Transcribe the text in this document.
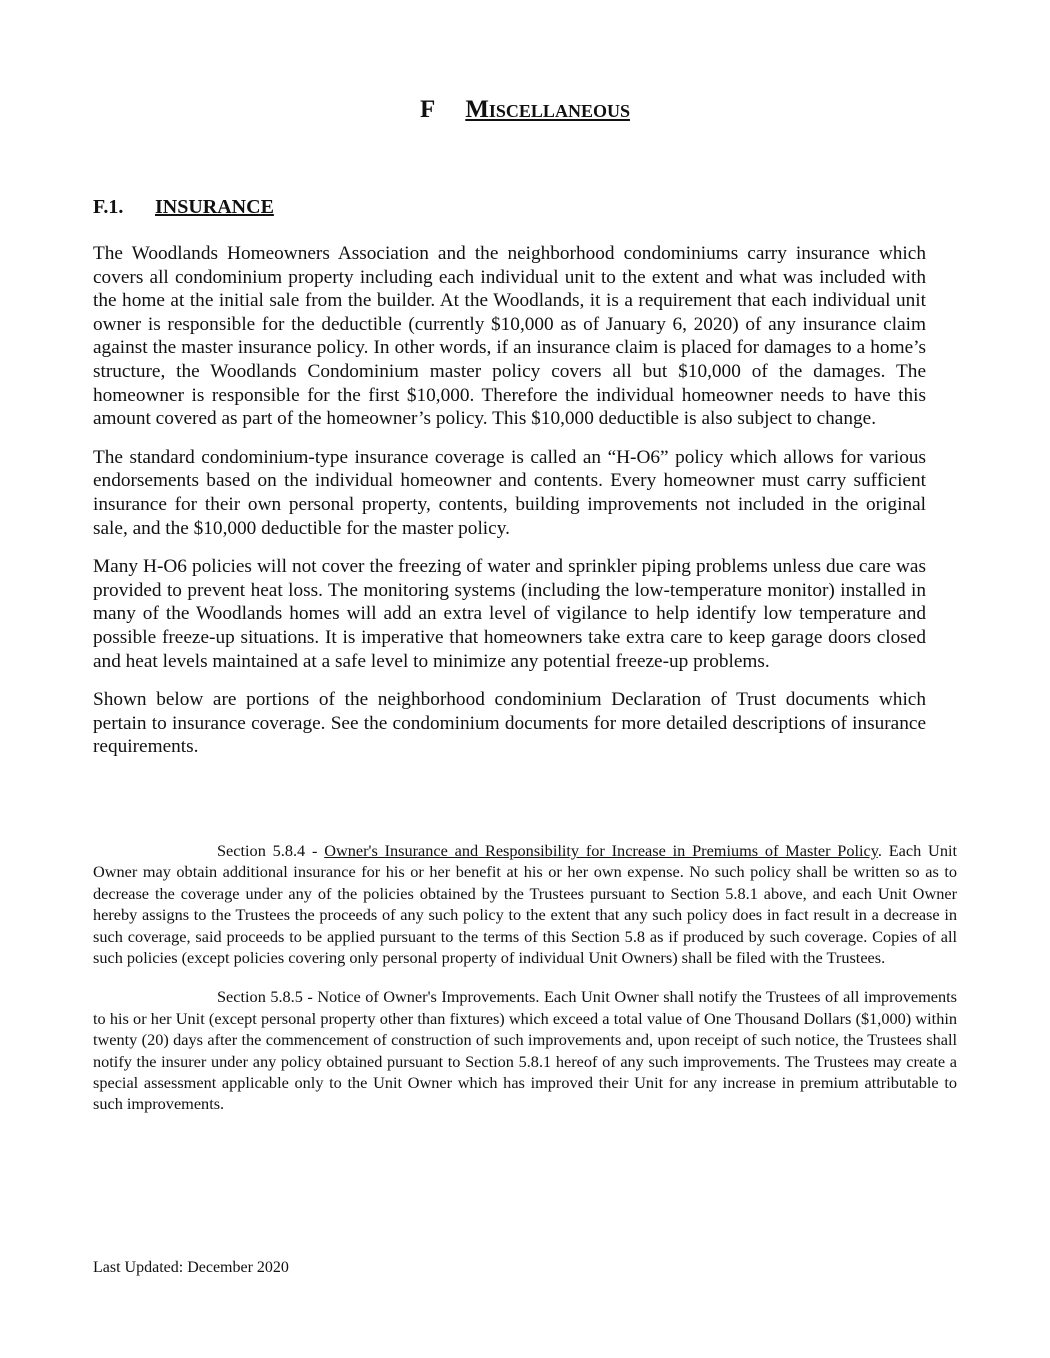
F Miscellaneous
F.1. INSURANCE

The Woodlands Homeowners Association and the neighborhood condominiums carry insurance which covers all condominium property including each individual unit to the extent and what was included with the home at the initial sale from the builder. At the Woodlands, it is a requirement that each individual unit owner is responsible for the deductible (currently $10,000 as of January 6, 2020) of any insurance claim against the master insurance policy. In other words, if an insurance claim is placed for damages to a home’s structure, the Woodlands Condominium master policy covers all but $10,000 of the damages. The homeowner is responsible for the first $10,000. Therefore the individual homeowner needs to have this amount covered as part of the homeowner’s policy. This $10,000 deductible is also subject to change.

The standard condominium-type insurance coverage is called an “H-O6” policy which allows for various endorsements based on the individual homeowner and contents. Every homeowner must carry sufficient insurance for their own personal property, contents, building improvements not included in the original sale, and the $10,000 deductible for the master policy.

Many H-O6 policies will not cover the freezing of water and sprinkler piping problems unless due care was provided to prevent heat loss. The monitoring systems (including the low-temperature monitor) installed in many of the Woodlands homes will add an extra level of vigilance to help identify low temperature and possible freeze-up situations. It is imperative that homeowners take extra care to keep garage doors closed and heat levels maintained at a safe level to minimize any potential freeze-up problems.

Shown below are portions of the neighborhood condominium Declaration of Trust documents which pertain to insurance coverage. See the condominium documents for more detailed descriptions of insurance requirements.

Section 5.8.4 - Owner's Insurance and Responsibility for Increase in Premiums of Master Policy. Each Unit Owner may obtain additional insurance for his or her benefit at his or her own expense. No such policy shall be written so as to decrease the coverage under any of the policies obtained by the Trustees pursuant to Section 5.8.1 above, and each Unit Owner hereby assigns to the Trustees the proceeds of any such policy to the extent that any such policy does in fact result in a decrease in such coverage, said proceeds to be applied pursuant to the terms of this Section 5.8 as if produced by such coverage. Copies of all such policies (except policies covering only personal property of individual Unit Owners) shall be filed with the Trustees.

Section 5.8.5 - Notice of Owner's Improvements. Each Unit Owner shall notify the Trustees of all improvements to his or her Unit (except personal property other than fixtures) which exceed a total value of One Thousand Dollars ($1,000) within twenty (20) days after the commencement of construction of such improvements and, upon receipt of such notice, the Trustees shall notify the insurer under any policy obtained pursuant to Section 5.8.1 hereof of any such improvements. The Trustees may create a special assessment applicable only to the Unit Owner which has improved their Unit for any increase in premium attributable to such improvements.

Last Updated: December 2020
